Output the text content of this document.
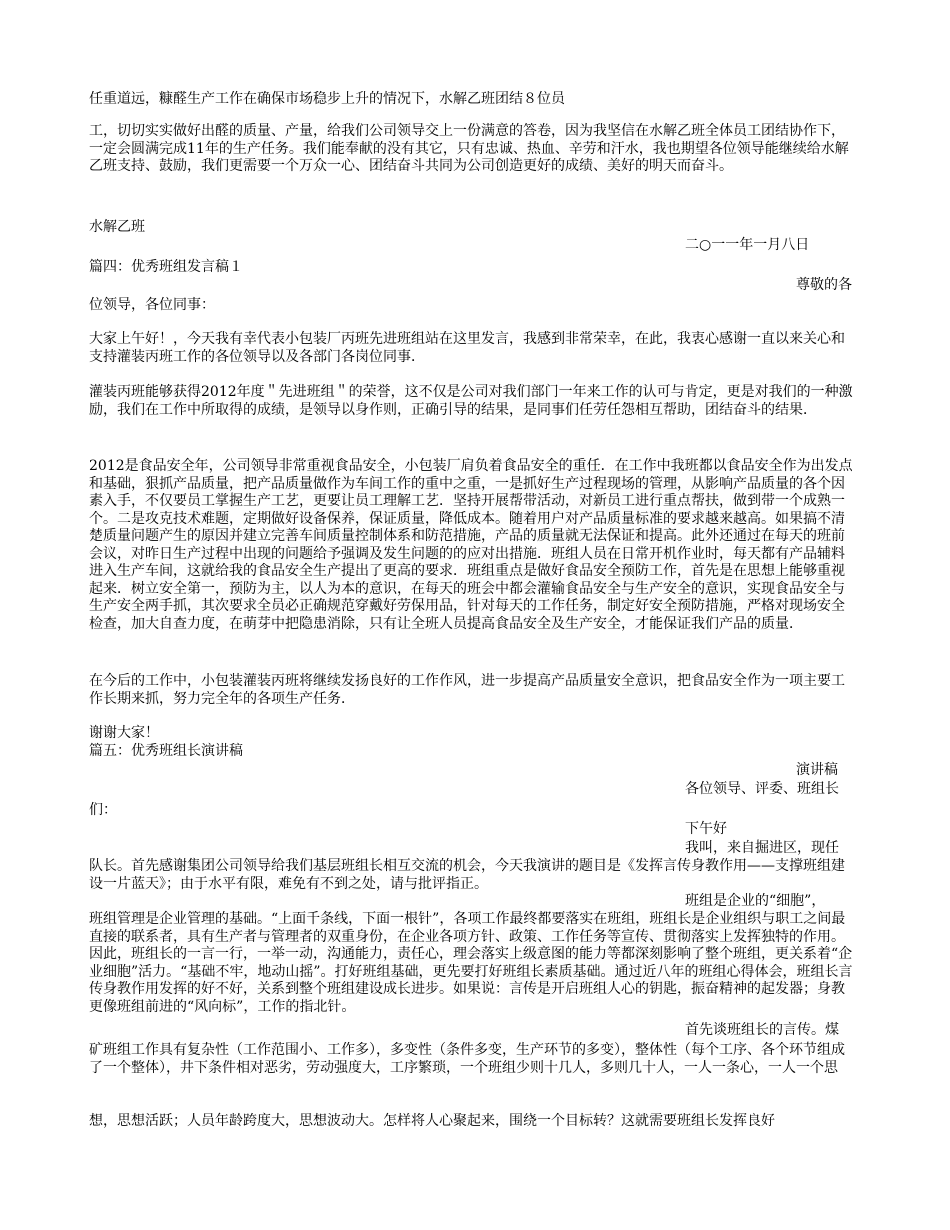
任重道远，糠醛生产工作在确保市场稳步上升的情况下，水解乙班团结８位员

工，切切实实做好出醛的质量、产量，给我们公司领导交上一份满意的答卷，因为我坚信在水解乙班全体员工团结协作下，一定会圆满完成11年的生产任务。我们能奉献的没有其它，只有忠诚、热血、辛劳和汗水，我也期望各位领导能继续给水解乙班支持、鼓励，我们更需要一个万众一心、团结奋斗共同为公司创造更好的成绩、美好的明天而奋斗。

水解乙班

二○一一年一月八日

篇四：优秀班组发言稿１

尊敬的各

位领导，各位同事：

大家上午好！，今天我有幸代表小包装厂丙班先进班组站在这里发言，我感到非常荣幸，在此，我衷心感谢一直以来关心和支持灌装丙班工作的各位领导以及各部门各岗位同事．

灌装丙班能够获得2012年度＂先进班组＂的荣誉，这不仅是公司对我们部门一年来工作的认可与肯定，更是对我们的一种激励，我们在工作中所取得的成绩，是领导以身作则，正确引导的结果，是同事们任劳任怨相互帮助，团结奋斗的结果．

2012是食品安全年，公司领导非常重视食品安全，小包装厂肩负着食品安全的重任．在工作中我班都以食品安全作为出发点和基础，狠抓产品质量，把产品质量做作为车间工作的重中之重，一是抓好生产过程现场的管理，从影响产品质量的各个因素入手，不仅要员工掌握生产工艺，更要让员工理解工艺．坚持开展帮带活动，对新员工进行重点帮扶，做到带一个成熟一个。二是攻克技术难题，定期做好设备保养，保证质量，降低成本。随着用户对产品质量标准的要求越来越高。如果搞不清楚质量问题产生的原因并建立完善车间质量控制体系和防范措施，产品的质量就无法保证和提高。此外还通过在每天的班前会议，对昨日生产过程中出现的问题给予强调及发生问题的的应对出措施．班组人员在日常开机作业时，每天都有产品辅料进入生产车间，这就给我的食品安全生产提出了更高的要求．班组重点是做好食品安全预防工作，首先是在思想上能够重视起来．树立安全第一，预防为主，以人为本的意识，在每天的班会中都会灌输食品安全与生产安全的意识，实现食品安全与生产安全两手抓，其次要求全员必正确规范穿戴好劳保用品，针对每天的工作任务，制定好安全预防措施，严格对现场安全检查，加大自查力度，在萌芽中把隐患消除，只有让全班人员提高食品安全及生产安全，才能保证我们产品的质量．

在今后的工作中，小包装灌装丙班将继续发扬良好的工作作风，进一步提高产品质量安全意识，把食品安全作为一项主要工作长期来抓，努力完全年的各项生产任务．

谢谢大家！

篇五：优秀班组长演讲稿

演讲稿

各位领导、评委、班组长

们：

下午好

我叫，来自掘进区，现任

队长。首先感谢集团公司领导给我们基层班组长相互交流的机会，今天我演讲的题目是《发挥言传身教作用——支撑班组建设一片蓝天》；由于水平有限，难免有不到之处，请与批评指正。

班组是企业的“细胞”，

班组管理是企业管理的基础。“上面千条线，下面一根针”，各项工作最终都要落实在班组，班组长是企业组织与职工之间最直接的联系者，具有生产者与管理者的双重身份，在企业各项方针、政策、工作任务等宣传、贯彻落实上发挥独特的作用。因此，班组长的一言一行，一举一动，沟通能力，责任心，理会落实上级意图的能力等都深刻影响了整个班组，更关系着“企业细胞”活力。“基础不牢，地动山摇”。打好班组基础，更先要打好班组长素质基础。通过近八年的班组心得体会，班组长言传身教作用发挥的好不好，关系到整个班组建设成长进步。如果说：言传是开启班组人心的钥匙，振奋精神的起发器；身教更像班组前进的“风向标”，工作的指北针。

首先谈班组长的言传。煤

矿班组工作具有复杂性（工作范围小、工作多），多变性（条件多变，生产环节的多变），整体性（每个工序、各个环节组成了一个整体），井下条件相对恶劣，劳动强度大，工序繁琐，一个班组少则十几人，多则几十人，一人一条心，一人一个思

想，思想活跃；人员年龄跨度大，思想波动大。怎样将人心聚起来，围绕一个目标转？这就需要班组长发挥良好
